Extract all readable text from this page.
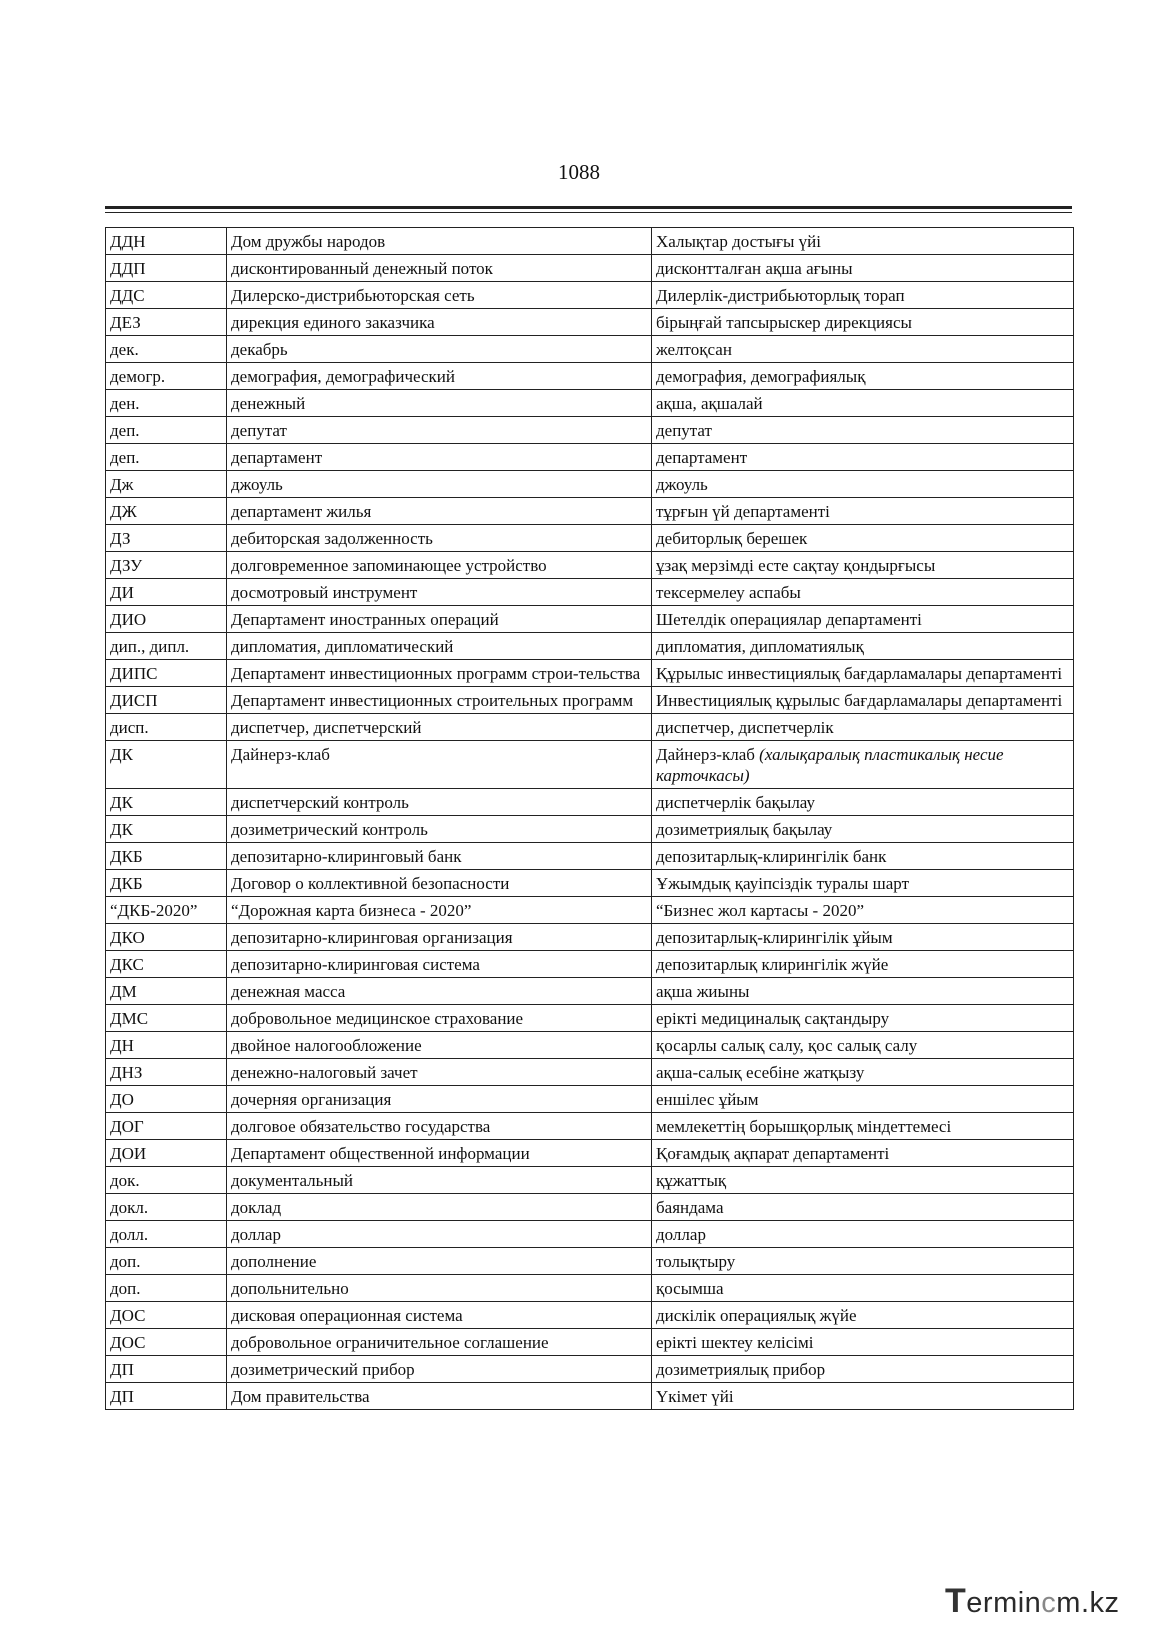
1088
ДДН	Дом дружбы народов	Халықтар достығы үйі
ДДП	дисконтированный денежный поток	дисконтталған ақша ағыны
ДДС	Дилерско-дистрибьюторская сеть	Дилерлік-дистрибьюторлық торап
ДЕЗ	дирекция единого заказчика	бірыңғай тапсырыскер дирекциясы
дек.	декабрь	желтоқсан
демогр.	демография, демографический	демография, демографиялық
ден.	денежный	ақша, ақшалай
деп.	депутат	депутат
деп.	департамент	департамент
Дж	джоуль	джоуль
ДЖ	департамент жилья	тұрғын үй департаменті
ДЗ	дебиторская задолженность	дебиторлық берешек
ДЗУ	долговременное запоминающее устройство	ұзақ мерзімді есте сақтау қондырғысы
ДИ	досмотровый инструмент	тексермелеу аспабы
ДИО	Департамент иностранных операций	Шетелдік операциялар департаменті
дип., дипл.	дипломатия, дипломатический	дипломатия, дипломатиялық
ДИПС	Департамент инвестиционных программ строи-тельства	Құрылыс инвестициялық бағдарламалары департаменті
ДИСП	Департамент инвестиционных строительных программ	Инвестициялық құрылыс бағдарламалары департаменті
дисп.	диспетчер, диспетчерский	диспетчер, диспетчерлік
ДК	Дайнерз-клаб	Дайнерз-клаб (халықаралық пластикалық несие карточкасы)
ДК	диспетчерский контроль	диспетчерлік бақылау
ДК	дозиметрический контроль	дозиметриялық бақылау
ДКБ	депозитарно-клиринговый банк	депозитарлық-клирингілік банк
ДКБ	Договор о коллективной безопасности	Ұжымдық қауіпсіздік туралы шарт
“ДКБ-2020”	“Дорожная карта бизнеса - 2020”	“Бизнес жол картасы - 2020”
ДКО	депозитарно-клиринговая организация	депозитарлық-клирингілік ұйым
ДКС	депозитарно-клиринговая система	депозитарлық клирингілік жүйе
ДМ	денежная масса	ақша жиыны
ДМС	добровольное медицинское страхование	ерікті медициналық сақтандыру
ДН	двойное налогообложение	қосарлы салық салу, қос салық салу
ДНЗ	денежно-налоговый зачет	ақша-салық есебіне жатқызу
ДО	дочерняя организация	еншілес ұйым
ДОГ	долговое обязательство государства	мемлекеттің борышқорлық міндеттемесі
ДОИ	Департамент общественной информации	Қоғамдық ақпарат департаменті
док.	документальный	құжаттық
докл.	доклад	баяндама
долл.	доллар	доллар
доп.	дополнение	толықтыру
доп.	допольнительно	қосымша
ДОС	дисковая операционная система	дискілік операциялық жүйе
ДОС	добровольное ограничительное соглашение	ерікті шектеу келісімі
ДП	дозиметрический прибор	дозиметриялық прибор
ДП	Дом правительства	Үкімет үйі
Termincm.kz
